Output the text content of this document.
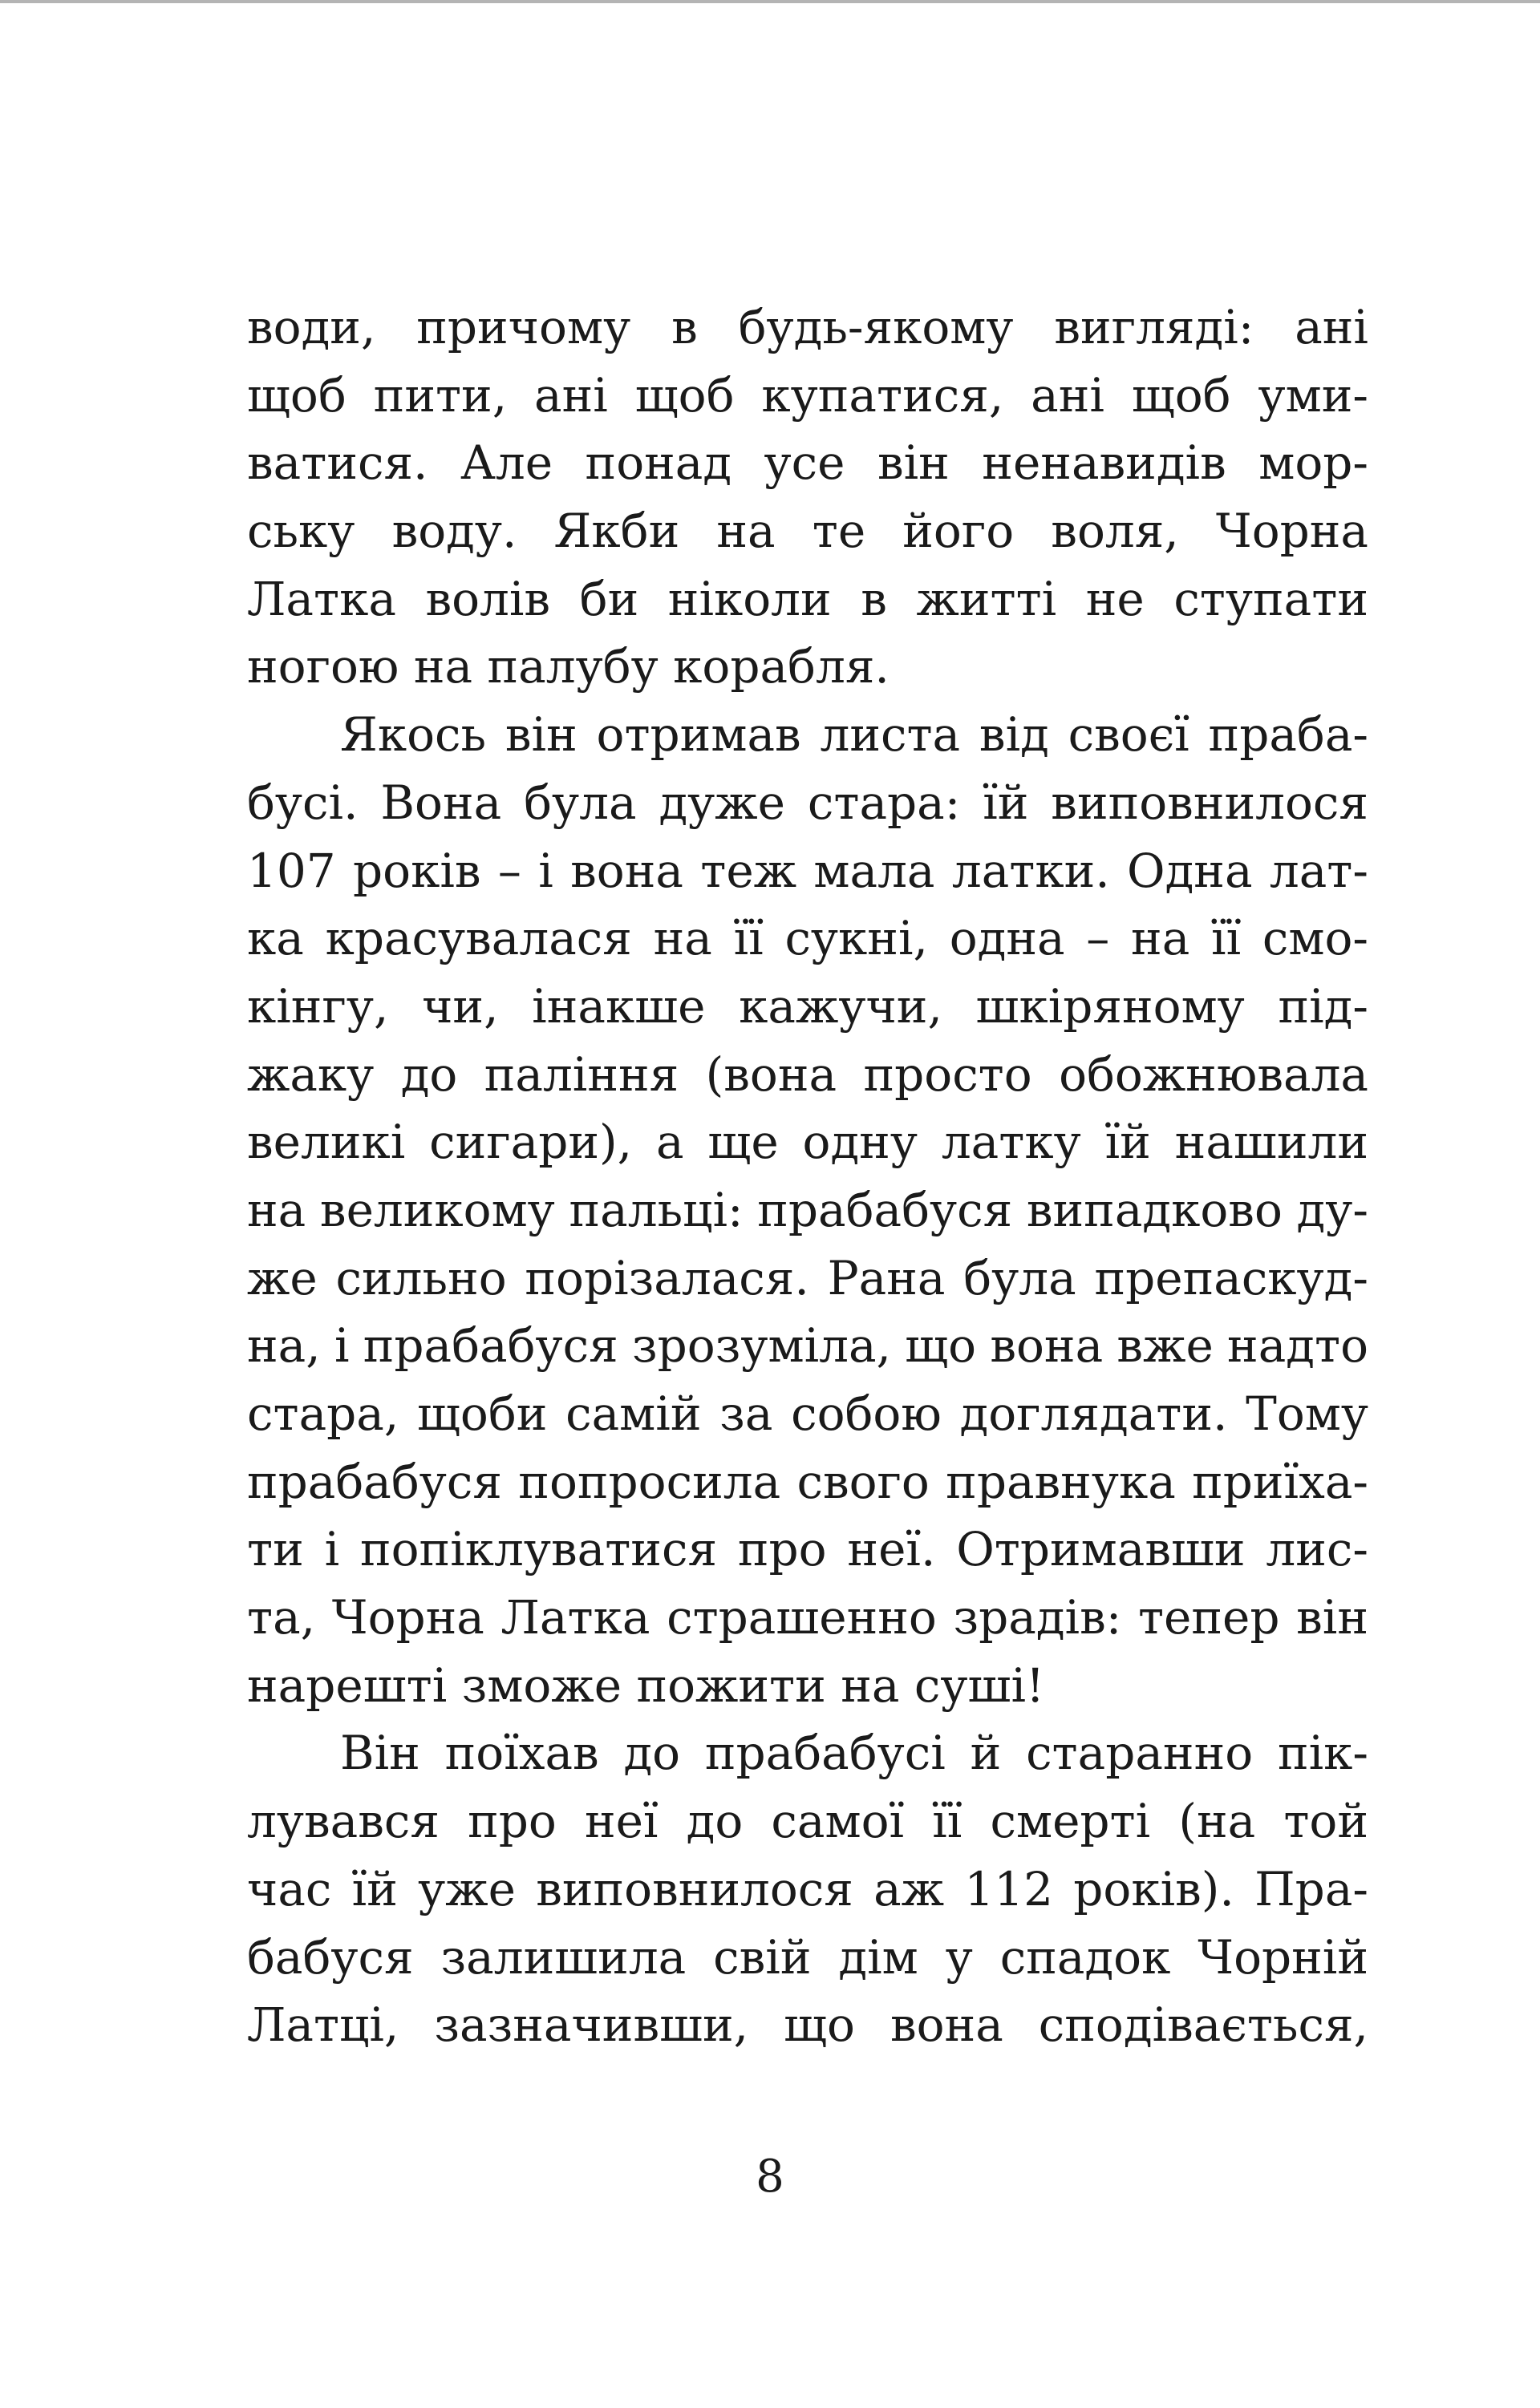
води, причому в будь-якому вигляді: ані
щоб пити, ані щоб купатися, ані щоб уми-
ватися. Але понад усе він ненавидів мор-
ську воду. Якби на те його воля, Чорна
Латка волів би ніколи в житті не ступати
ногою на палубу корабля.
Якось він отримав листа від своєї праба-
бусі. Вона була дуже стара: їй виповнилося
107 років – і вона теж мала латки. Одна лат-
ка красувалася на її сукні, одна – на її смо-
кінгу, чи, інакше кажучи, шкіряному під-
жаку до паління (вона просто обожнювала
великі сигари), а ще одну латку їй нашили
на великому пальці: прабабуся випадково ду-
же сильно порізалася. Рана була препаскуд-
на, і прабабуся зрозуміла, що вона вже надто
стара, щоби самій за собою доглядати. Тому
прабабуся попросила свого правнука приїха-
ти і попіклуватися про неї. Отримавши лис-
та, Чорна Латка страшенно зрадів: тепер він
нарешті зможе пожити на суші!
Він поїхав до прабабусі й старанно пік-
лувався про неї до самої її смерті (на той
час їй уже виповнилося аж 112 років). Пра-
бабуся залишила свій дім у спадок Чорній
Латці, зазначивши, що вона сподівається,
8
